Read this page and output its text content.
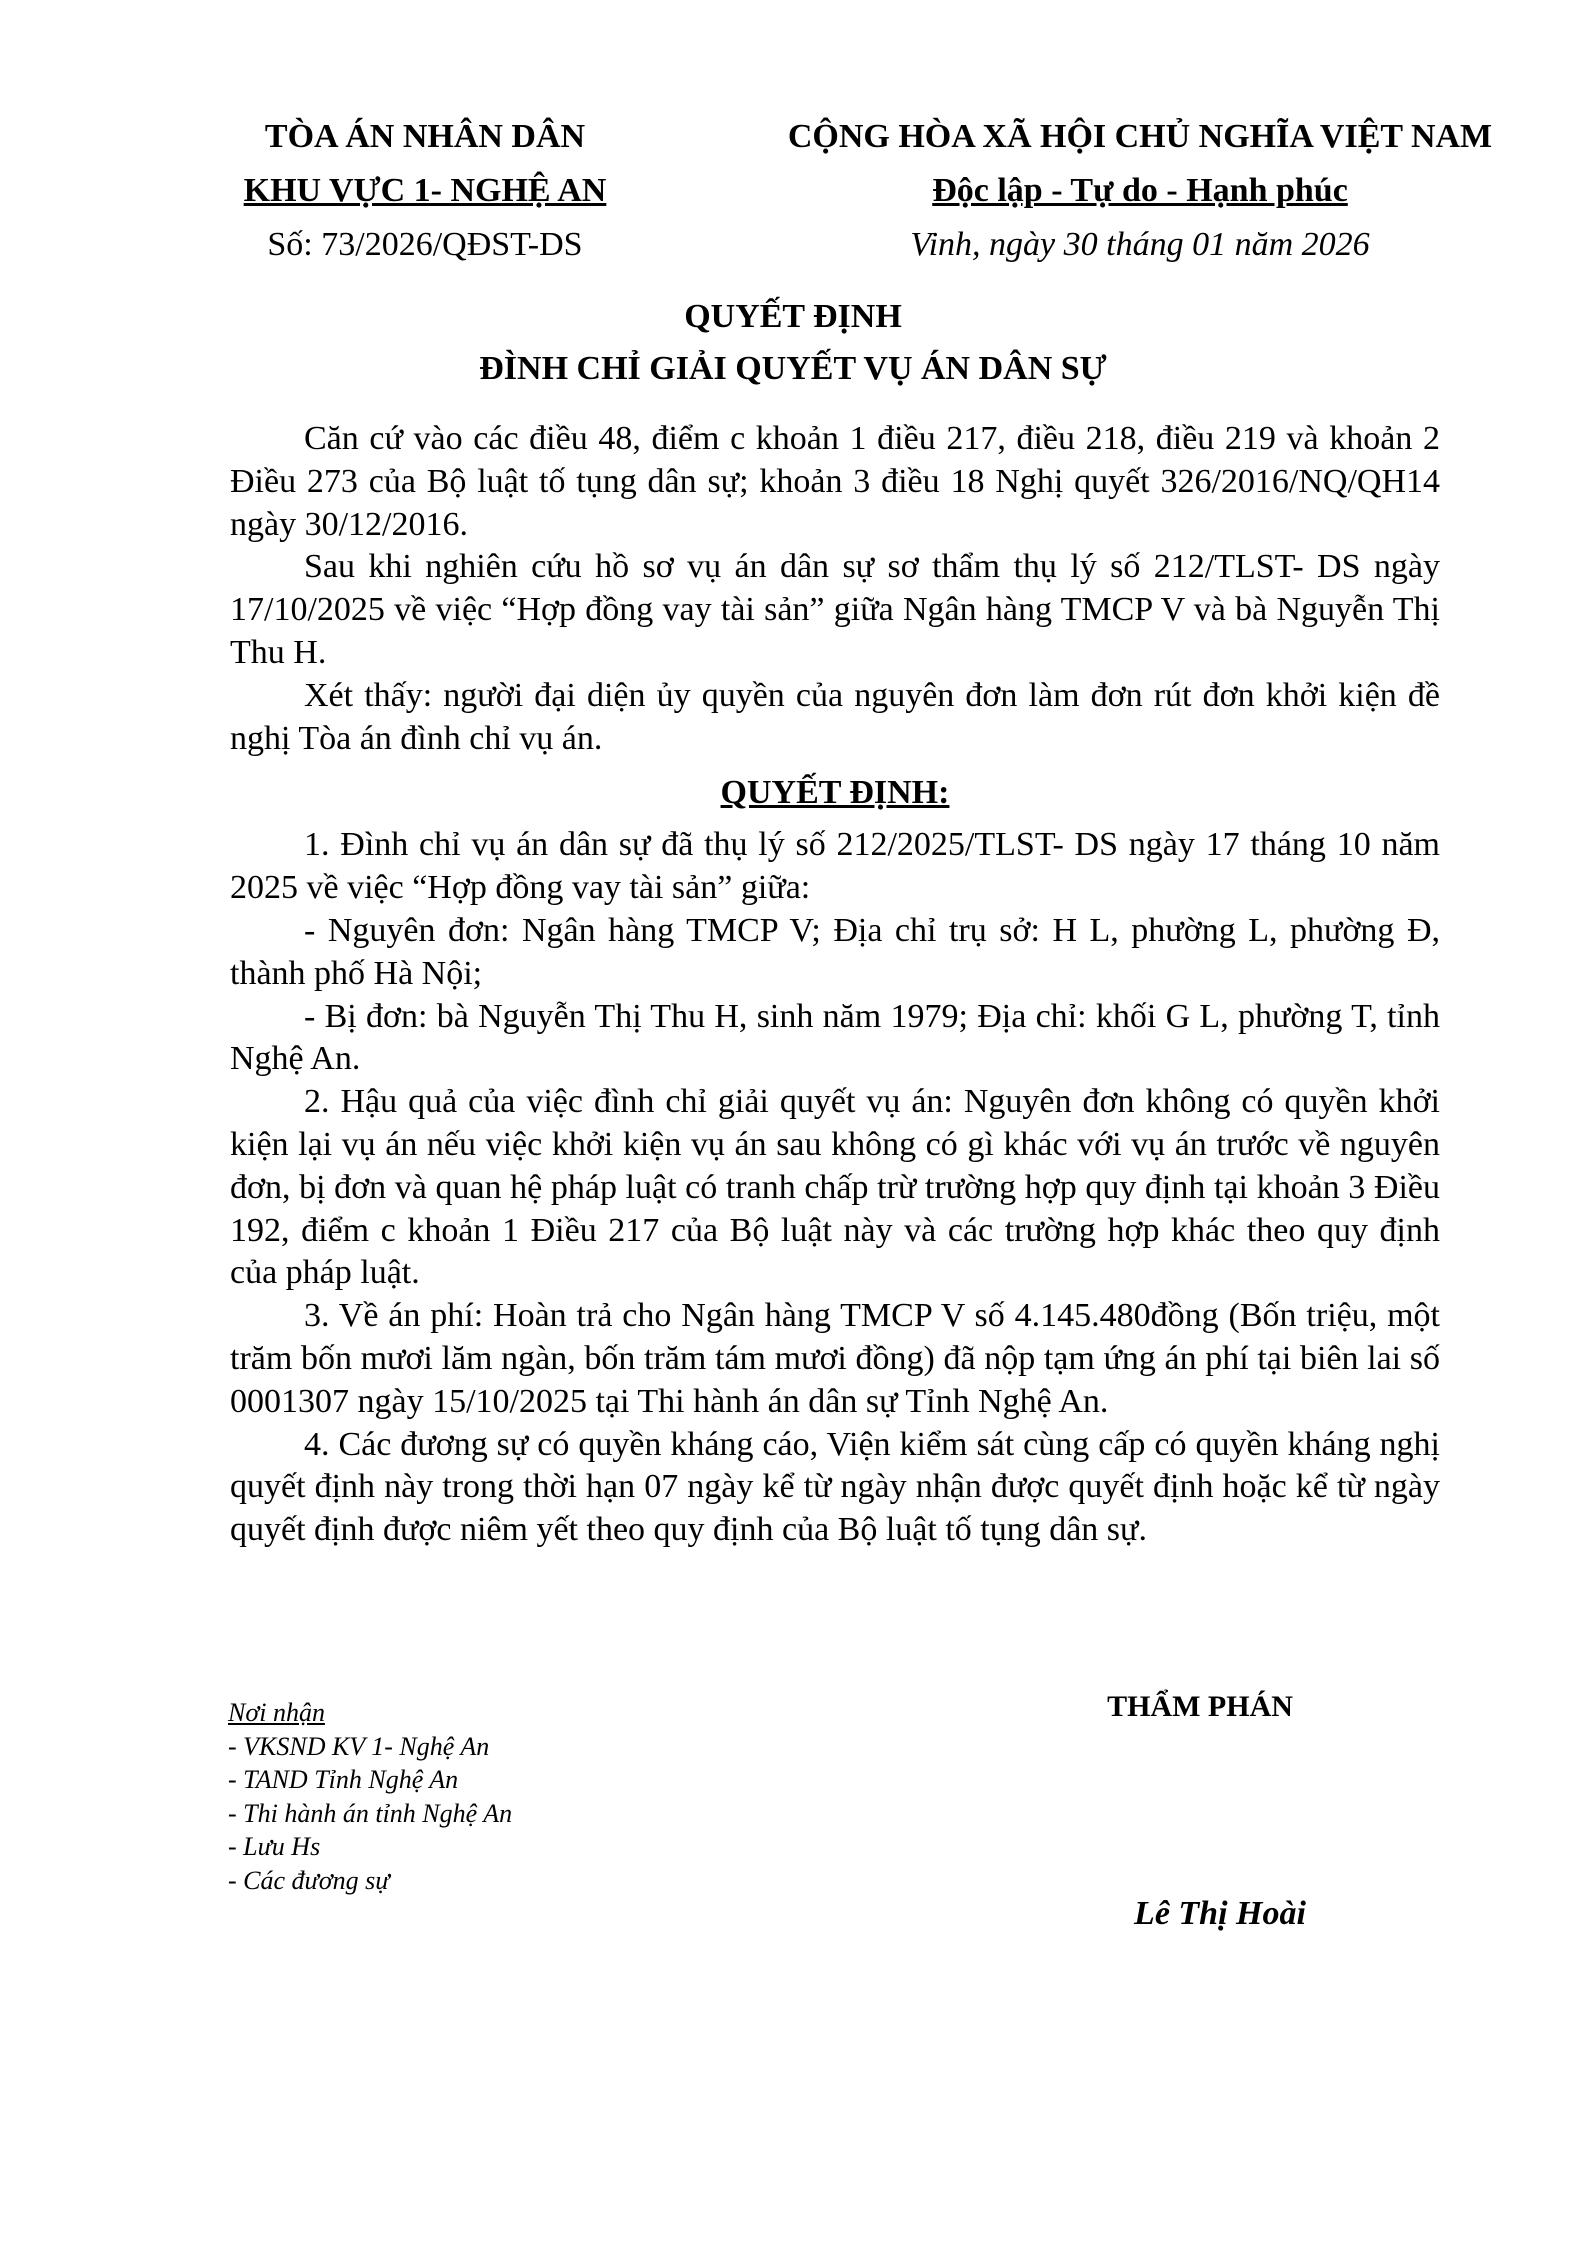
TÒA ÁN NHÂN DÂN
KHU VỰC 1- NGHỆ AN
Số: 73/2026/QĐST-DS
CỘNG HÒA XÃ HỘI CHỦ NGHĨA VIỆT NAM
Độc lập - Tự do - Hạnh phúc
Vinh, ngày 30 tháng 01 năm 2026
QUYẾT ĐỊNH
ĐÌNH CHỈ GIẢI QUYẾT VỤ ÁN DÂN SỰ

Căn cứ vào các điều 48, điểm c khoản 1 điều 217, điều 218, điều 219 và khoản 2 Điều 273 của Bộ luật tố tụng dân sự; khoản 3 điều 18 Nghị quyết 326/2016/NQ/QH14 ngày 30/12/2016.

Sau khi nghiên cứu hồ sơ vụ án dân sự sơ thẩm thụ lý số 212/TLST- DS ngày 17/10/2025 về việc “Hợp đồng vay tài sản” giữa Ngân hàng TMCP V và bà Nguyễn Thị Thu H.

Xét thấy: người đại diện ủy quyền của nguyên đơn làm đơn rút đơn khởi kiện đề nghị Tòa án đình chỉ vụ án.

QUYẾT ĐỊNH:

1. Đình chỉ vụ án dân sự đã thụ lý số 212/2025/TLST- DS ngày 17 tháng 10 năm 2025 về việc “Hợp đồng vay tài sản” giữa:

- Nguyên đơn: Ngân hàng TMCP V; Địa chỉ trụ sở: H L, phường L, phường Đ, thành phố Hà Nội;

- Bị đơn: bà Nguyễn Thị Thu H, sinh năm 1979; Địa chỉ: khối G L, phường T, tỉnh Nghệ An.

2. Hậu quả của việc đình chỉ giải quyết vụ án: Nguyên đơn không có quyền khởi kiện lại vụ án nếu việc khởi kiện vụ án sau không có gì khác với vụ án trước về nguyên đơn, bị đơn và quan hệ pháp luật có tranh chấp trừ trường hợp quy định tại khoản 3 Điều 192, điểm c khoản 1 Điều 217 của Bộ luật này và các trường hợp khác theo quy định của pháp luật.

3. Về án phí: Hoàn trả cho Ngân hàng TMCP V số 4.145.480đồng (Bốn triệu, một trăm bốn mươi lăm ngàn, bốn trăm tám mươi đồng) đã nộp tạm ứng án phí tại biên lai số 0001307 ngày 15/10/2025 tại Thi hành án dân sự Tỉnh Nghệ An.

4. Các đương sự có quyền kháng cáo, Viện kiểm sát cùng cấp có quyền kháng nghị quyết định này trong thời hạn 07 ngày kể từ ngày nhận được quyết định hoặc kể từ ngày quyết định được niêm yết theo quy định của Bộ luật tố tụng dân sự.

Nơi nhận
- VKSND KV 1- Nghệ An
- TAND Tỉnh Nghệ An
- Thi hành án tỉnh Nghệ An
- Lưu Hs
- Các đương sự
THẨM PHÁN
Lê Thị Hoài
